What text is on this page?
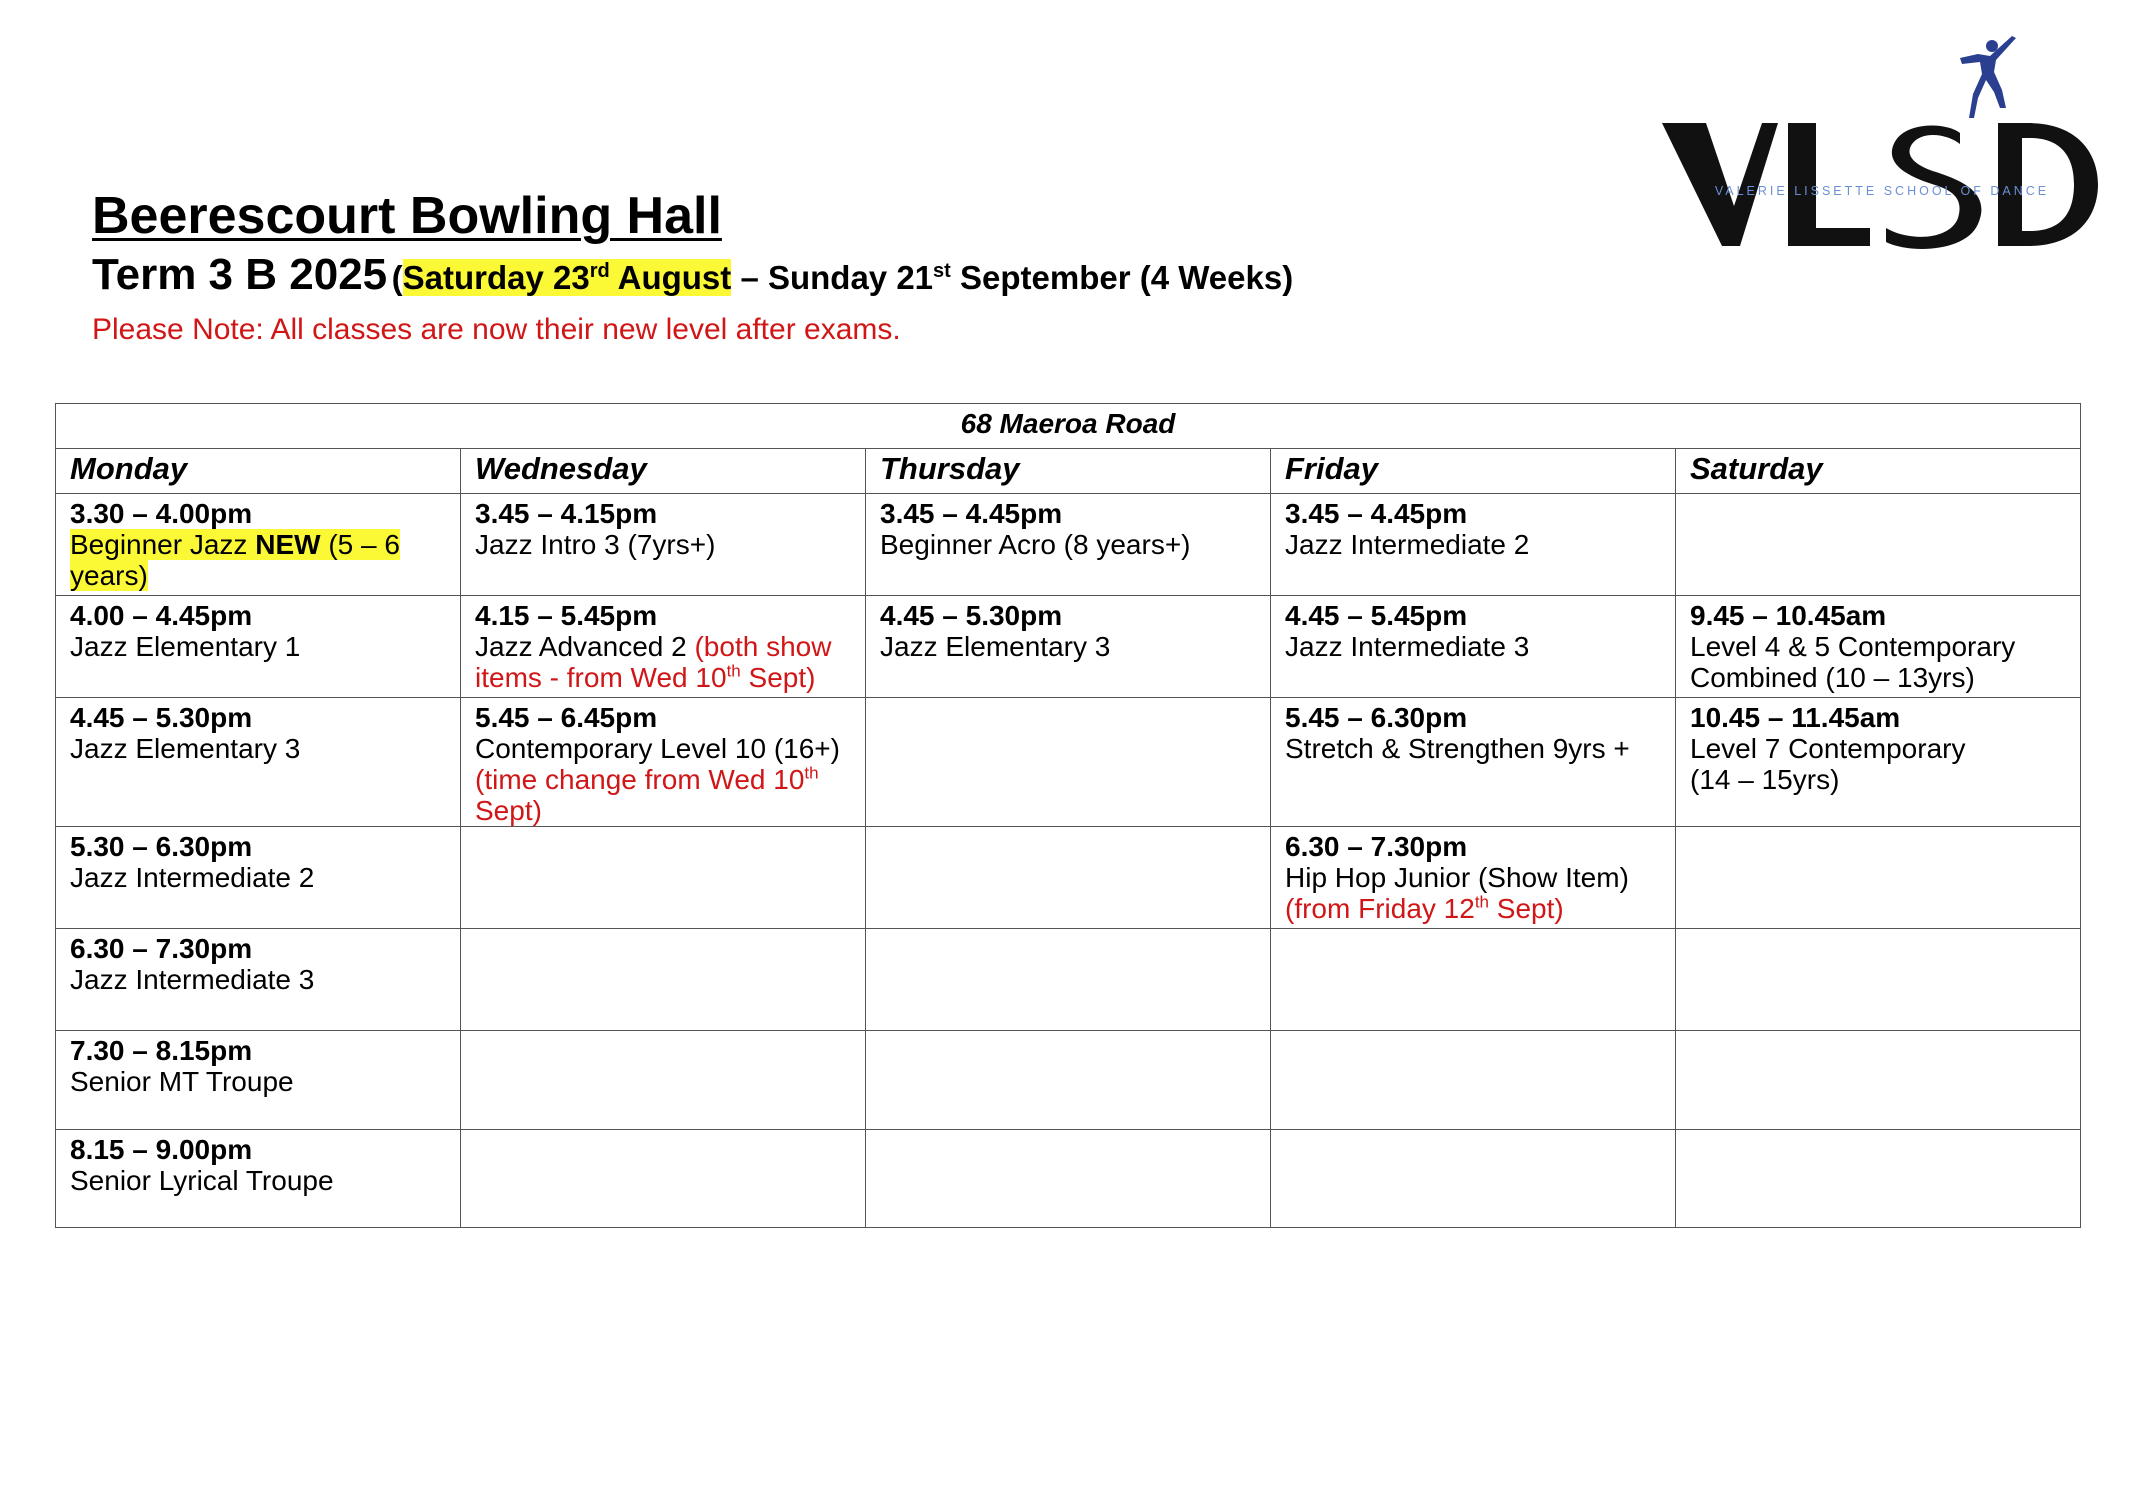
Beerescourt Bowling Hall
Term 3 B 2025 (Saturday 23rd August – Sunday 21st September (4 Weeks)
Please Note: All classes are now their new level after exams.
VALERIE LISSETTE SCHOOL OF DANCE
68 Maeroa Road				
Monday	Wednesday	Thursday	Friday	Saturday

3.30 – 4.00pm
Beginner Jazz NEW (5 – 6 years)	3.45 – 4.15pm
Jazz Intro 3 (7yrs+)	3.45 – 4.45pm
Beginner Acro (8 years+)	3.45 – 4.45pm
Jazz Intermediate 2	

4.00 – 4.45pm
Jazz Elementary 1	4.15 – 5.45pm
Jazz Advanced 2 (both show items - from Wed 10th Sept)	4.45 – 5.30pm
Jazz Elementary 3	4.45 – 5.45pm
Jazz Intermediate 3	9.45 – 10.45am
Level 4 & 5 Contemporary Combined (10 – 13yrs)

4.45 – 5.30pm
Jazz Elementary 3	5.45 – 6.45pm
Contemporary Level 10 (16+)
(time change from Wed 10th Sept)		5.45 – 6.30pm
Stretch & Strengthen 9yrs +	10.45 – 11.45am
Level 7 Contemporary
(14 – 15yrs)

5.30 – 6.30pm
Jazz Intermediate 2			6.30 – 7.30pm
Hip Hop Junior (Show Item)
(from Friday 12th Sept)	

6.30 – 7.30pm
Jazz Intermediate 3				

7.30 – 8.15pm
Senior MT Troupe				

8.15 – 9.00pm
Senior Lyrical Troupe				
